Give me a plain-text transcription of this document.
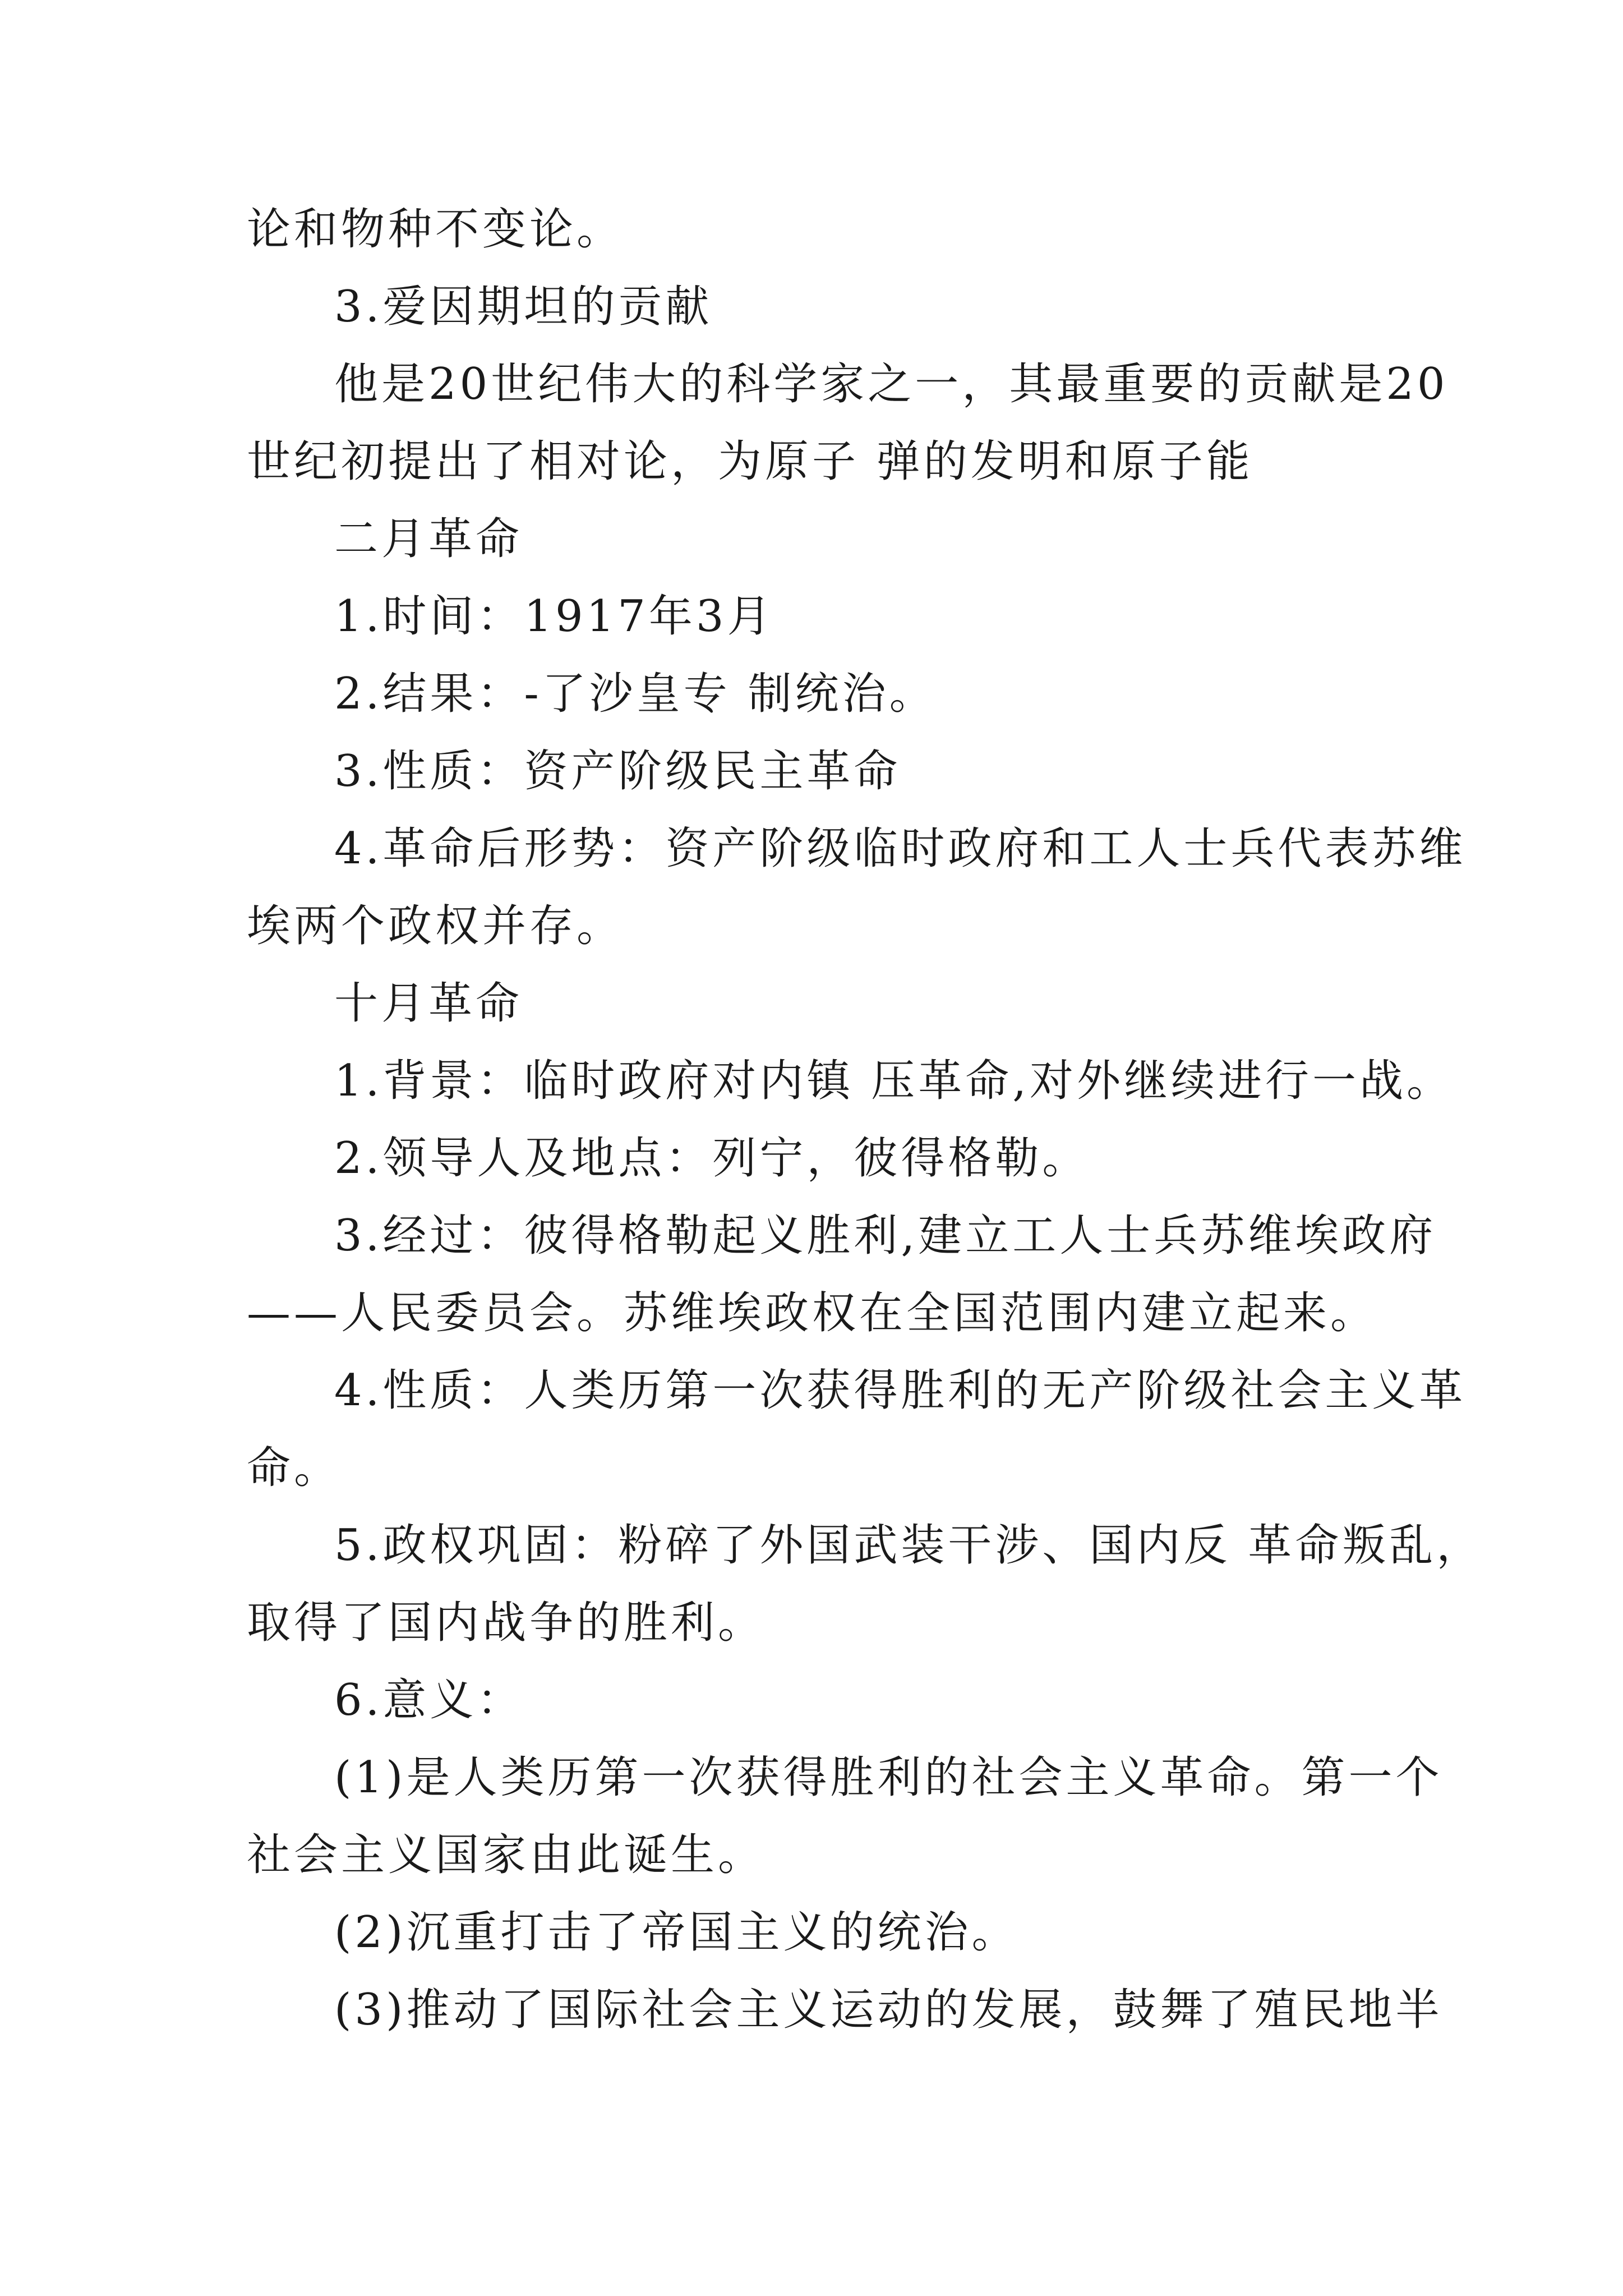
论和物种不变论。
3.爱因期坦的贡献
他是20世纪伟大的科学家之一，其最重要的贡献是20
世纪初提出了相对论，为原子 弹的发明和原子能
二月革命
1.时间：1917年3月
2.结果：-了沙皇专 制统治。
3.性质：资产阶级民主革命
4.革命后形势：资产阶级临时政府和工人士兵代表苏维
埃两个政权并存。
十月革命
1.背景：临时政府对内镇 压革命,对外继续进行一战。
2.领导人及地点：列宁，彼得格勒。
3.经过：彼得格勒起义胜利,建立工人士兵苏维埃政府
——人民委员会。苏维埃政权在全国范围内建立起来。
4.性质：人类历第一次获得胜利的无产阶级社会主义革
命。
5.政权巩固：粉碎了外国武装干涉、国内反 革命叛乱，
取得了国内战争的胜利。
6.意义：
(1)是人类历第一次获得胜利的社会主义革命。第一个
社会主义国家由此诞生。
(2)沉重打击了帝国主义的统治。
(3)推动了国际社会主义运动的发展，鼓舞了殖民地半
